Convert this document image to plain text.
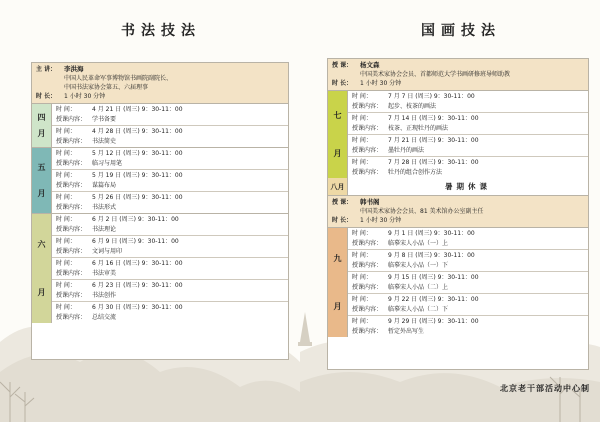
书法技法	国画技法
主 讲：	李洪海
中国人民革命军事博物馆书画院副院长、
中国书法家协会第五、六届理事
时 长：	1 小时 30 分钟
四
月
时 间：	4 月 21 日 (周三) 9：30-11：00
授课内容： 学书备要
时 间：	4 月 28 日 (周三) 9：30-11：00
授课内容： 书法简史
五
月
时 间：	5 月 12 日 (周三) 9：30-11：00
授课内容： 临习与用笔
时 间：	5 月 19 日 (周三) 9：30-11：00
授课内容： 谋篇布局
时 间：	5 月 26 日 (周三) 9：30-11：00
授课内容： 书法形式
六
月
时 间：	6 月 2 日 (周三) 9：30-11：00
授课内容： 书法理论
时 间：	6 月 9 日 (周三) 9：30-11：00
授课内容： 文词与用印
时 间：	6 月 16 日 (周三) 9：30-11：00
授课内容： 书法审美
时 间：	6 月 23 日 (周三) 9：30-11：00
授课内容： 书法创作
时 间：	6 月 30 日 (周三) 9：30-11：00
授课内容： 总结交流
授 课：	杨文森
中国美术家协会会员、首都师范大学书画研修班导师助教
时 长：	1 小时 30 分钟
七
月
时 间：	7 月 7 日 (周三) 9：30-11：00
授课内容： 起步、枝茶的画法
时 间：	7 月 14 日 (周三) 9：30-11：00
授课内容： 枝茶、正现牡丹的画法
时 间：	7 月 21 日 (周三) 9：30-11：00
授课内容： 墨牡丹的画法
时 间：	7 月 28 日 (周三) 9：30-11：00
授课内容： 牡丹的组合创作方法
八月	暑期休课
授 课：	韩书阁
中国美术家协会会员、81 美术馆办公室副主任
时 长：	1 小时 30 分钟
九
月
时 间：	9 月 1 日 (周三) 9：30-11：00
授课内容： 临摹宋人小品（一）上
时 间：	9 月 8 日 (周三) 9：30-11：00
授课内容： 临摹宋人小品（一）下
时 间：	9 月 15 日 (周三) 9：30-11：00
授课内容： 临摹宋人小品（二）上
时 间：	9 月 22 日 (周三) 9：30-11：00
授课内容： 临摹宋人小品（二）下
时 间：	9 月 29 日 (周三) 9：30-11：00
授课内容： 暂定外出写生
北京老干部活动中心制
